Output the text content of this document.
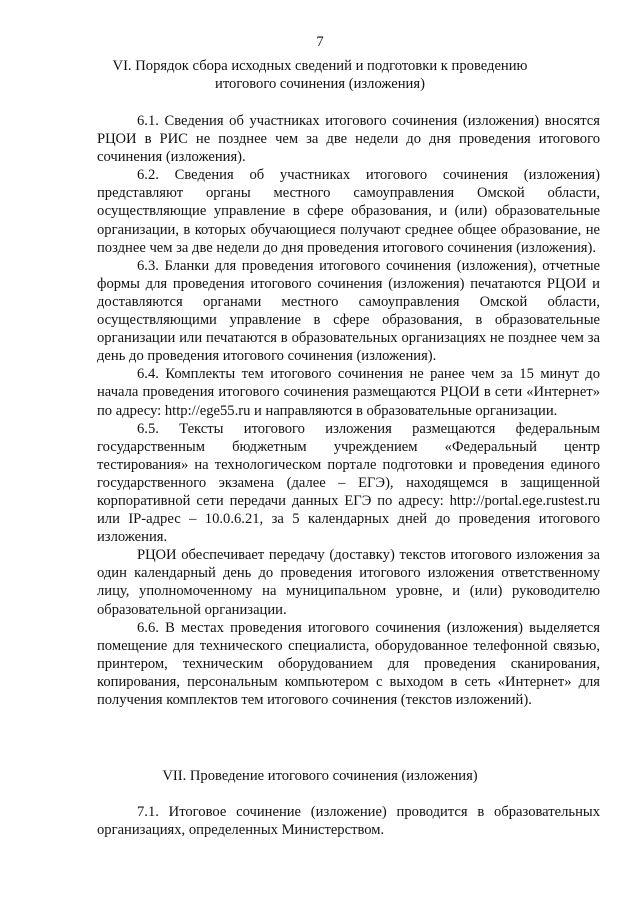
7
VI. Порядок сбора исходных сведений и подготовки к проведению итогового сочинения (изложения)

6.1. Сведения об участниках итогового сочинения (изложения) вносятся РЦОИ в РИС не позднее чем за две недели до дня проведения итогового сочинения (изложения).

6.2. Сведения об участниках итогового сочинения (изложения) представляют органы местного самоуправления Омской области, осуществляющие управление в сфере образования, и (или) образовательные организации, в которых обучающиеся получают среднее общее образование, не позднее чем за две недели до дня проведения итогового сочинения (изложения).

6.3. Бланки для проведения итогового сочинения (изложения), отчетные формы для проведения итогового сочинения (изложения) печатаются РЦОИ и доставляются органами местного самоуправления Омской области, осуществляющими управление в сфере образования, в образовательные организации или печатаются в образовательных организациях не позднее чем за день до проведения итогового сочинения (изложения).

6.4. Комплекты тем итогового сочинения не ранее чем за 15 минут до начала проведения итогового сочинения размещаются РЦОИ в сети «Интернет» по адресу: http://ege55.ru и направляются в образовательные организации.

6.5. Тексты итогового изложения размещаются федеральным государственным бюджетным учреждением «Федеральный центр тестирования» на технологическом портале подготовки и проведения единого государственного экзамена (далее – ЕГЭ), находящемся в защищенной корпоративной сети передачи данных ЕГЭ по адресу: http://portal.ege.rustest.ru или IP-адрес – 10.0.6.21, за 5 календарных дней до проведения итогового изложения.

РЦОИ обеспечивает передачу (доставку) текстов итогового изложения за один календарный день до проведения итогового изложения ответственному лицу, уполномоченному на муниципальном уровне, и (или) руководителю образовательной организации.

6.6. В местах проведения итогового сочинения (изложения) выделяется помещение для технического специалиста, оборудованное телефонной связью, принтером, техническим оборудованием для проведения сканирования, копирования, персональным компьютером с выходом в сеть «Интернет» для получения комплектов тем итогового сочинения (текстов изложений).

VII. Проведение итогового сочинения (изложения)

7.1. Итоговое сочинение (изложение) проводится в образовательных организациях, определенных Министерством.
